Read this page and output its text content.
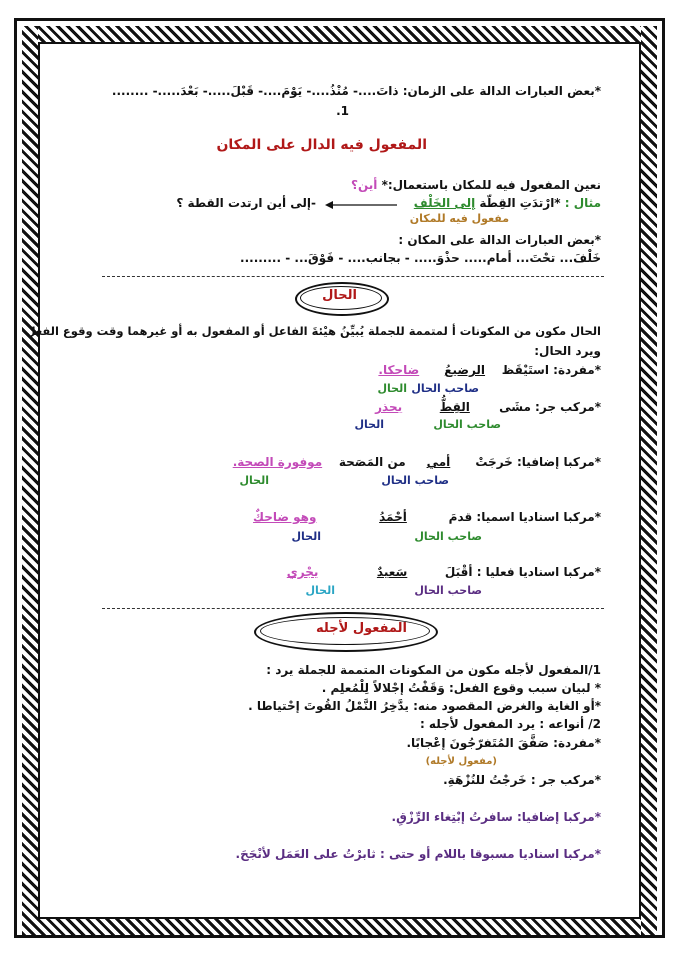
*بعض العبارات الدالة على الزمان: ذاتَ....- مُنْذُ....- يَوْمَ....- قَبْلَ.....- بَعْدَ.....- ........
1.
المفعول فيه الدال على المكان
نعين المفعول فيه للمكان باستعمال:* أين؟
مثال : *ارْتدَتِ القِطّة إلى الخَلْف
-إلى أين ارتدت القطة ؟
مفعول فيه للمكان
*بعض العبارات الدالة على المكان :
خَلْفَ... تحْتَ... أمام..... حذْوَ..... - بجانب.... - فَوْقَ... - .........
الحال
الحال مكون من المكونات أ لمتممة للجملة يُبيِّنُ هيْئةَ الفاعل أو المفعول به أو غيرهما وقت وقوع الفعل
ويرد الحال:
*مفردة: استَيْقَظ    الرضيعُ      ضاحكا.
صاحب الحال
الحال
*مركب جر: مشَى       القِطُّ         بحذر
صاحب الحال
الحال
*مركبا إضافيا: خَرجَتْ      أمي     من المَصَحة    موفورة الصحة.
صاحب الحال
الحال
*مركبا اسناديا اسميا: قدمَ          أحْمَدُ               وهو ضاحكٌ
صاحب الحال
الحال
*مركبا اسناديا فعليا : أقْبَلَ         سَعيدٌ              يجْري
صاحب الحال
الحال
المفعول لأجله
1/المفعول لأجله مكون من المكونات المتممة للجملة يرد :
* لبيان سبب وقوع الفعل: وَقَفْتُ إجْلالاً لِلْمُعلِم .
*أو الغاية والغرض المقصود منه: يدَّخِرُ النَّمْلُ القُوتَ إحْتياطا .
2/ أنواعه : يرد المفعول لأجله :
*مفردة: صَفَّقَ المُتَفرّجُونَ إعْجابًا.
(مفعول لأجله)
*مركب جر : خَرجْتُ للنُزْهَةِ.
*مركبا إضافيا: سافرتُ إبْتِغاء الرِّزْقِ.
*مركبا اسناديا مسبوقا باللام أو حتى : ثابرْتُ على العَمَل لأنْجَحَ.
